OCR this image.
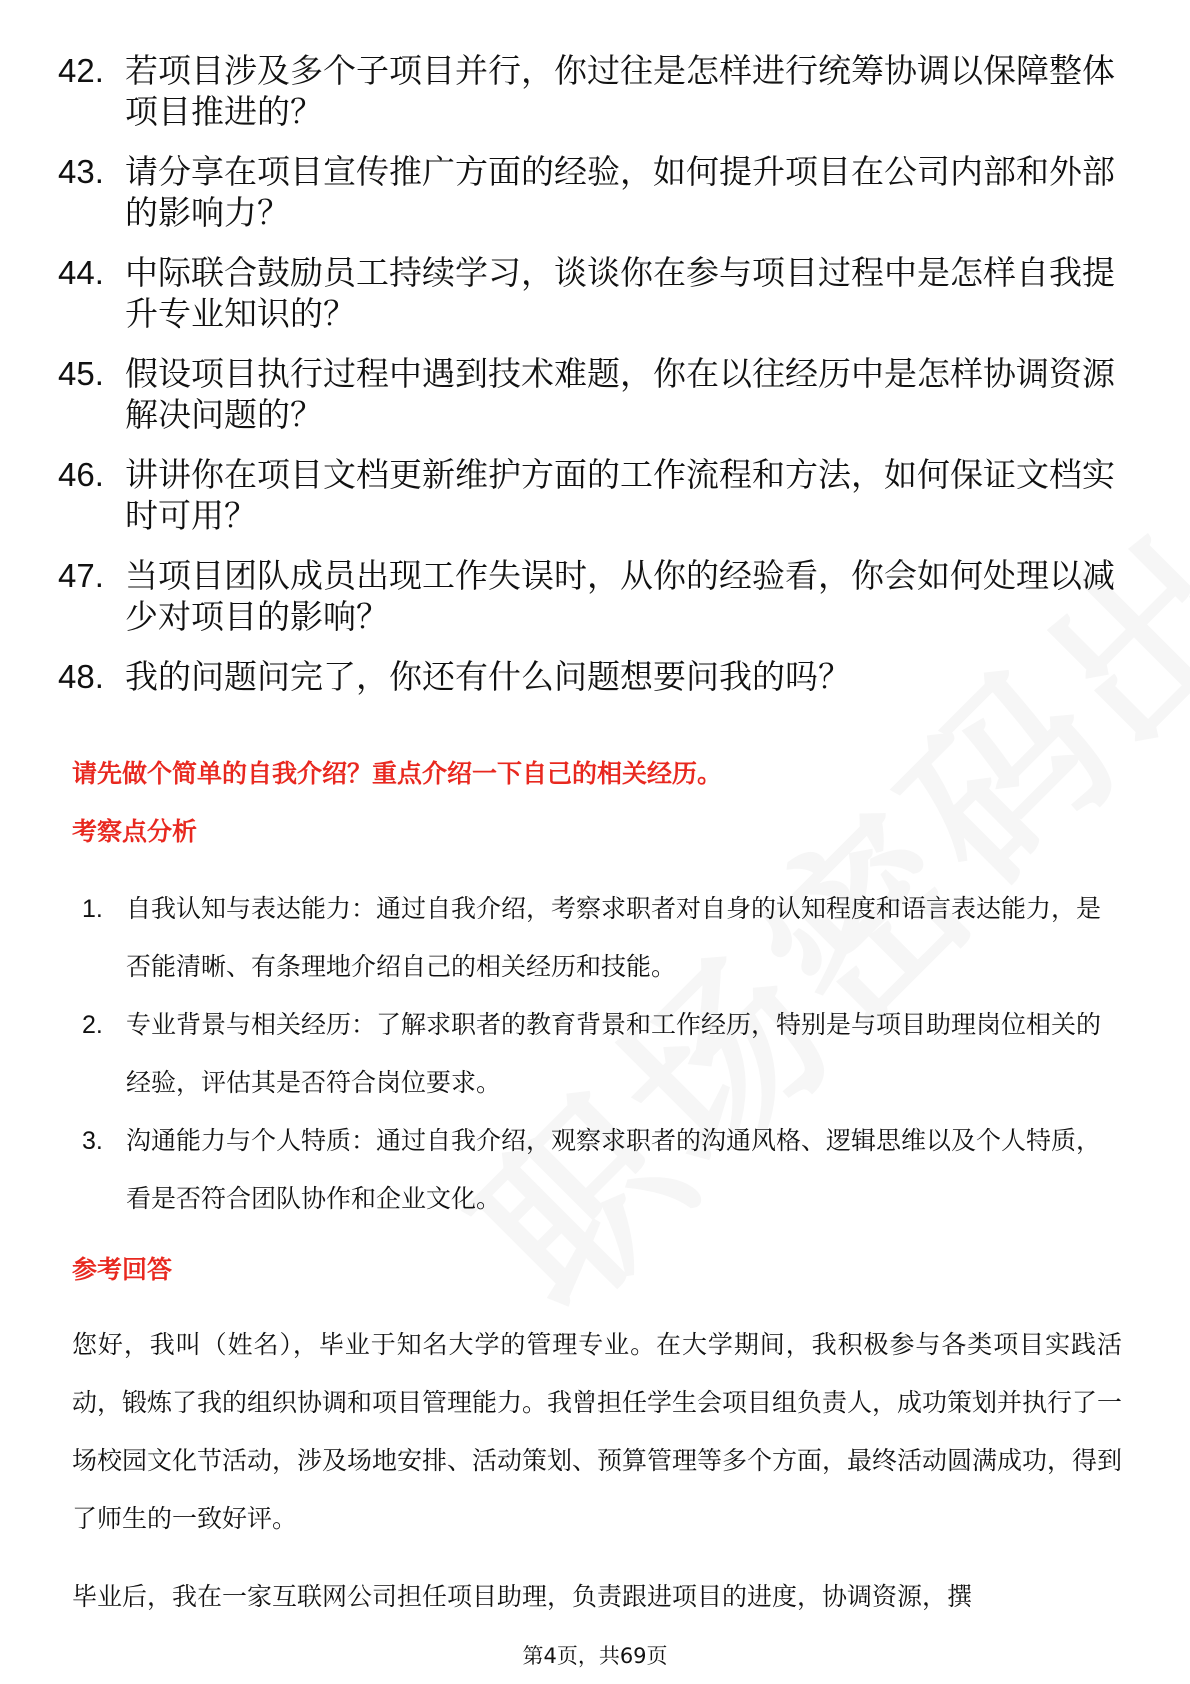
42. 若项目涉及多个子项目并行，你过往是怎样进行统筹协调以保障整体项目推进的？
43. 请分享在项目宣传推广方面的经验，如何提升项目在公司内部和外部的影响力？
44. 中际联合鼓励员工持续学习，谈谈你在参与项目过程中是怎样自我提升专业知识的？
45. 假设项目执行过程中遇到技术难题，你在以往经历中是怎样协调资源解决问题的？
46. 讲讲你在项目文档更新维护方面的工作流程和方法，如何保证文档实时可用？
47. 当项目团队成员出现工作失误时，从你的经验看，你会如何处理以减少对项目的影响？
48. 我的问题问完了，你还有什么问题想要问我的吗？
请先做个简单的自我介绍？重点介绍一下自己的相关经历。
考察点分析
1. 自我认知与表达能力：通过自我介绍，考察求职者对自身的认知程度和语言表达能力，是否能清晰、有条理地介绍自己的相关经历和技能。
2. 专业背景与相关经历：了解求职者的教育背景和工作经历，特别是与项目助理岗位相关的经验，评估其是否符合岗位要求。
3. 沟通能力与个人特质：通过自我介绍，观察求职者的沟通风格、逻辑思维以及个人特质，看是否符合团队协作和企业文化。
参考回答
您好，我叫（姓名），毕业于知名大学的管理专业。在大学期间，我积极参与各类项目实践活动，锻炼了我的组织协调和项目管理能力。我曾担任学生会项目组负责人，成功策划并执行了一场校园文化节活动，涉及场地安排、活动策划、预算管理等多个方面，最终活动圆满成功，得到了师生的一致好评。
毕业后，我在一家互联网公司担任项目助理，负责跟进项目的进度，协调资源，撰
第4页，共69页
